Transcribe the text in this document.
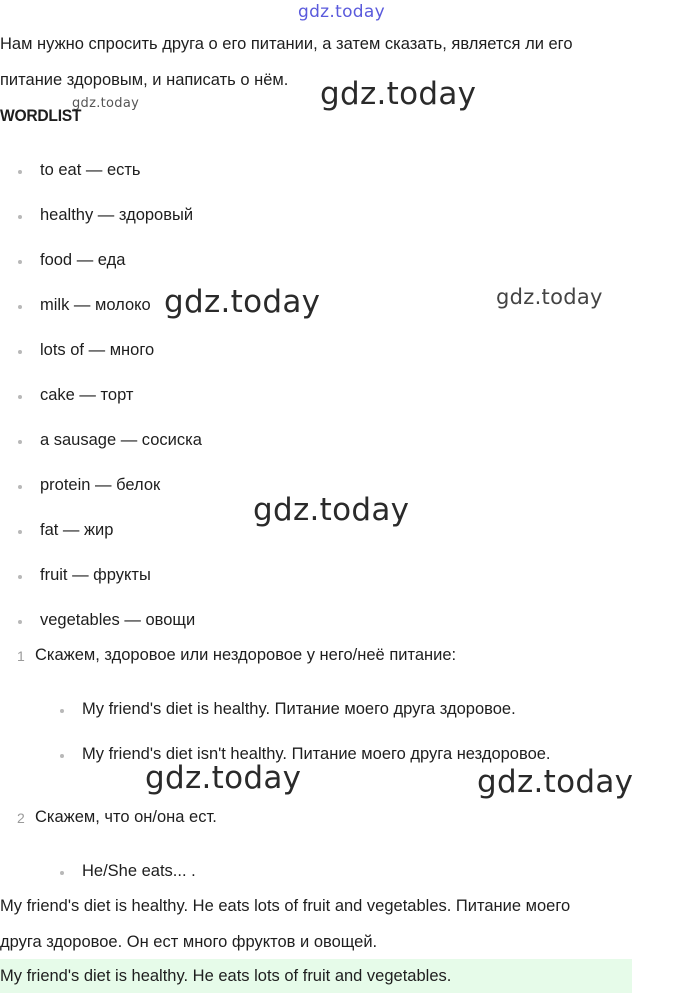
gdz.today
gdz.today
gdz.today
gdz.today	gdz.today
gdz.today
gdz.today	gdz.today
Нам нужно спросить друга о его питании, а затем сказать, является ли его
питание здоровым, и написать о нём.
WORDLIST
to eat — есть
healthy — здоровый
food — еда
milk — молоко
lots of — много
cake — торт
a sausage — сосиска
protein — белок
fat — жир
fruit — фрукты
vegetables — овощи
1 Скажем, здоровое или нездоровое у него/неё питание:
My friend's diet is healthy. Питание моего друга здоровое.
My friend's diet isn't healthy. Питание моего друга нездоровое.
2 Скажем, что он/она ест.
He/She eats... .
My friend's diet is healthy. He eats lots of fruit and vegetables. Питание моего
друга здоровое. Он ест много фруктов и овощей.
My friend's diet is healthy. He eats lots of fruit and vegetables.
